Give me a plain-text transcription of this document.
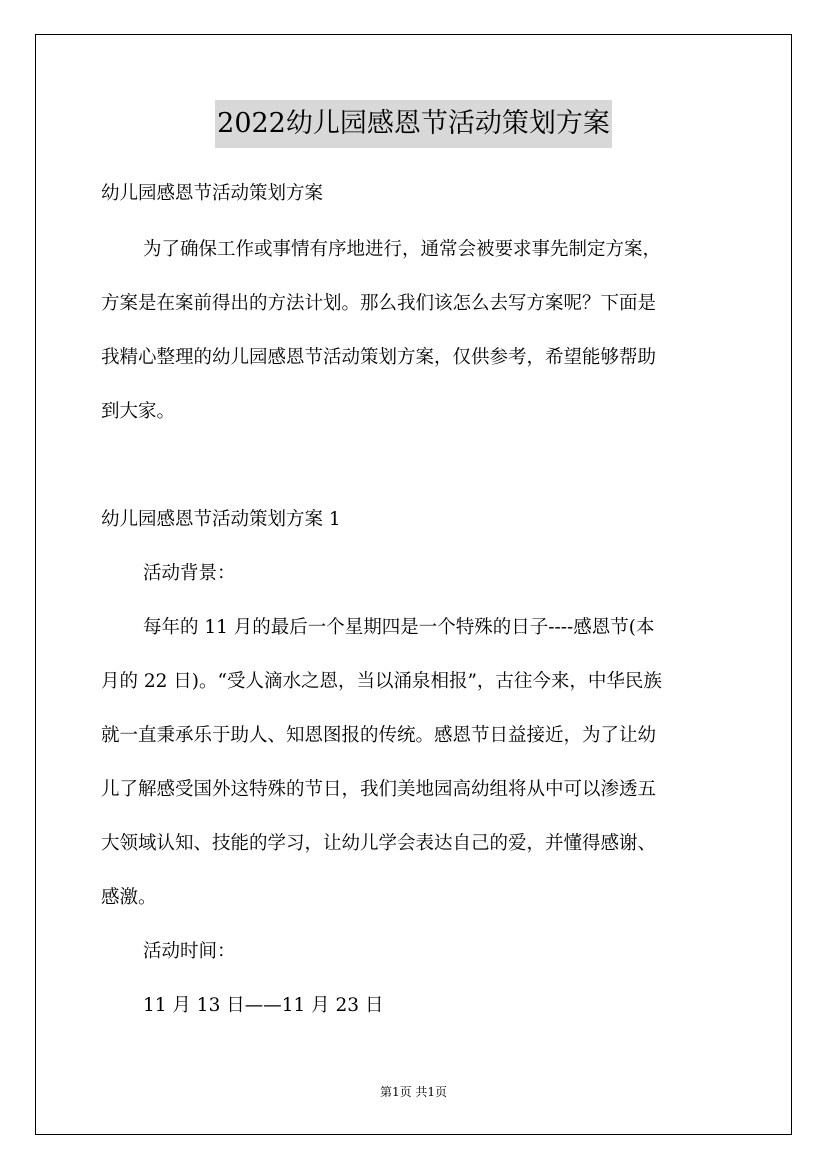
2022幼儿园感恩节活动策划方案
幼儿园感恩节活动策划方案
为了确保工作或事情有序地进行，通常会被要求事先制定方案，
方案是在案前得出的方法计划。那么我们该怎么去写方案呢？下面是
我精心整理的幼儿园感恩节活动策划方案，仅供参考，希望能够帮助
到大家。
幼儿园感恩节活动策划方案 1
活动背景：
每年的 11 月的最后一个星期四是一个特殊的日子----感恩节(本
月的 22 日)。“受人滴水之恩，当以涌泉相报”，古往今来，中华民族
就一直秉承乐于助人、知恩图报的传统。感恩节日益接近，为了让幼
儿了解感受国外这特殊的节日，我们美地园高幼组将从中可以渗透五
大领域认知、技能的学习，让幼儿学会表达自己的爱，并懂得感谢、
感激。
活动时间：
11 月 13 日——11 月 23 日
第1页 共1页
